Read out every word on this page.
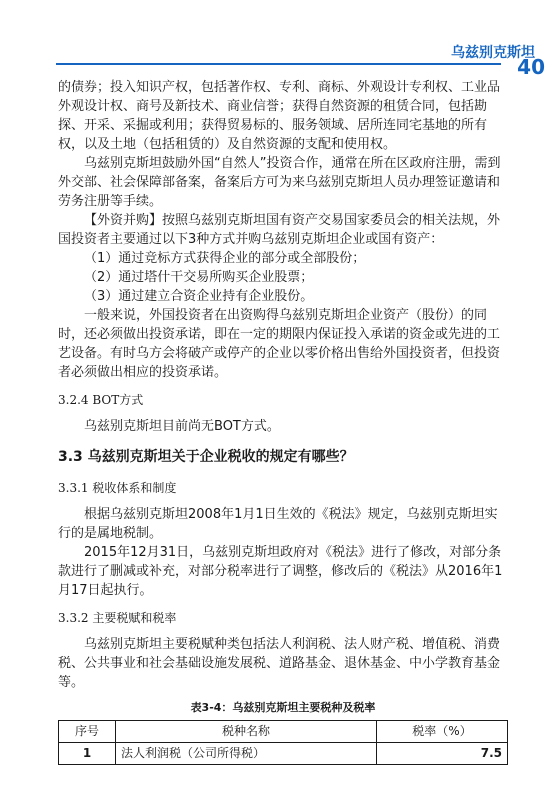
乌兹别克斯坦
40

的债券；投入知识产权，包括著作权、专利、商标、外观设计专利权、工业品外观设计权、商号及新技术、商业信誉；获得自然资源的租赁合同，包括勘探、开采、采掘或利用；获得贸易标的、服务领域、居所连同宅基地的所有权，以及土地（包括租赁的）及自然资源的支配和使用权。

乌兹别克斯坦鼓励外国“自然人”投资合作，通常在所在区政府注册，需到外交部、社会保障部备案，备案后方可为来乌兹别克斯坦人员办理签证邀请和劳务注册等手续。

【外资并购】按照乌兹别克斯坦国有资产交易国家委员会的相关法规，外国投资者主要通过以下3种方式并购乌兹别克斯坦企业或国有资产：

（1）通过竞标方式获得企业的部分或全部股份；

（2）通过塔什干交易所购买企业股票；

（3）通过建立合资企业持有企业股份。

一般来说，外国投资者在出资购得乌兹别克斯坦企业资产（股份）的同时，还必须做出投资承诺，即在一定的期限内保证投入承诺的资金或先进的工艺设备。有时乌方会将破产或停产的企业以零价格出售给外国投资者，但投资者必须做出相应的投资承诺。

3.2.4 BOT方式

乌兹别克斯坦目前尚无BOT方式。

3.3 乌兹别克斯坦关于企业税收的规定有哪些？
3.3.1 税收体系和制度

根据乌兹别克斯坦2008年1月1日生效的《税法》规定，乌兹别克斯坦实行的是属地税制。

2015年12月31日，乌兹别克斯坦政府对《税法》进行了修改，对部分条款进行了删减或补充，对部分税率进行了调整，修改后的《税法》从2016年1月17日起执行。

3.3.2 主要税赋和税率

乌兹别克斯坦主要税赋种类包括法人利润税、法人财产税、增值税、消费税、公共事业和社会基础设施发展税、道路基金、退休基金、中小学教育基金等。

表3-4：乌兹别克斯坦主要税种及税率
序号	税种名称	税率（%）
1	法人利润税（公司所得税）	7.5
